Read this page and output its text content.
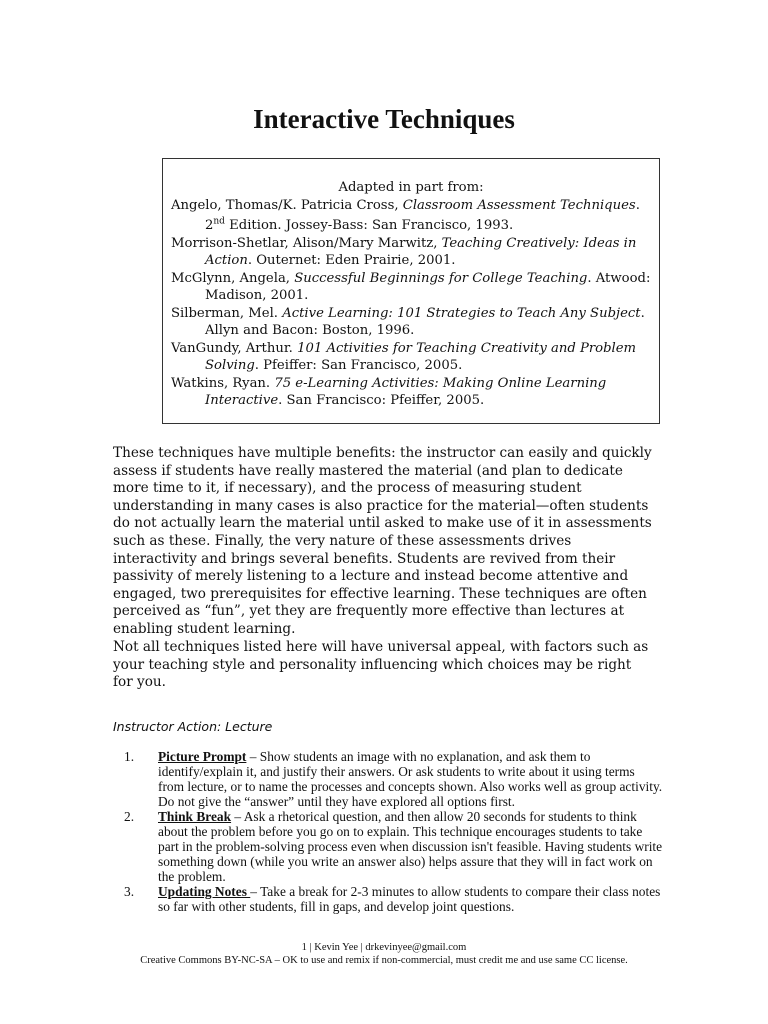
Interactive Techniques
Adapted in part from:
Angelo, Thomas/K. Patricia Cross, Classroom Assessment Techniques. 2nd Edition. Jossey-Bass: San Francisco, 1993.
Morrison-Shetlar, Alison/Mary Marwitz, Teaching Creatively: Ideas in Action. Outernet: Eden Prairie, 2001.
McGlynn, Angela, Successful Beginnings for College Teaching. Atwood: Madison, 2001.
Silberman, Mel. Active Learning: 101 Strategies to Teach Any Subject. Allyn and Bacon: Boston, 1996.
VanGundy, Arthur. 101 Activities for Teaching Creativity and Problem Solving. Pfeiffer: San Francisco, 2005.
Watkins, Ryan. 75 e-Learning Activities: Making Online Learning Interactive. San Francisco: Pfeiffer, 2005.
These techniques have multiple benefits: the instructor can easily and quickly assess if students have really mastered the material (and plan to dedicate more time to it, if necessary), and the process of measuring student understanding in many cases is also practice for the material—often students do not actually learn the material until asked to make use of it in assessments such as these. Finally, the very nature of these assessments drives interactivity and brings several benefits. Students are revived from their passivity of merely listening to a lecture and instead become attentive and engaged, two prerequisites for effective learning. These techniques are often perceived as “fun”, yet they are frequently more effective than lectures at enabling student learning.
Not all techniques listed here will have universal appeal, with factors such as your teaching style and personality influencing which choices may be right for you.
Instructor Action: Lecture
1. Picture Prompt – Show students an image with no explanation, and ask them to identify/explain it, and justify their answers. Or ask students to write about it using terms from lecture, or to name the processes and concepts shown. Also works well as group activity. Do not give the “answer” until they have explored all options first.
2. Think Break – Ask a rhetorical question, and then allow 20 seconds for students to think about the problem before you go on to explain. This technique encourages students to take part in the problem-solving process even when discussion isn't feasible. Having students write something down (while you write an answer also) helps assure that they will in fact work on the problem.
3. Updating Notes – Take a break for 2-3 minutes to allow students to compare their class notes so far with other students, fill in gaps, and develop joint questions.
1 | Kevin Yee | drkevinyee@gmail.com
Creative Commons BY-NC-SA – OK to use and remix if non-commercial, must credit me and use same CC license.
